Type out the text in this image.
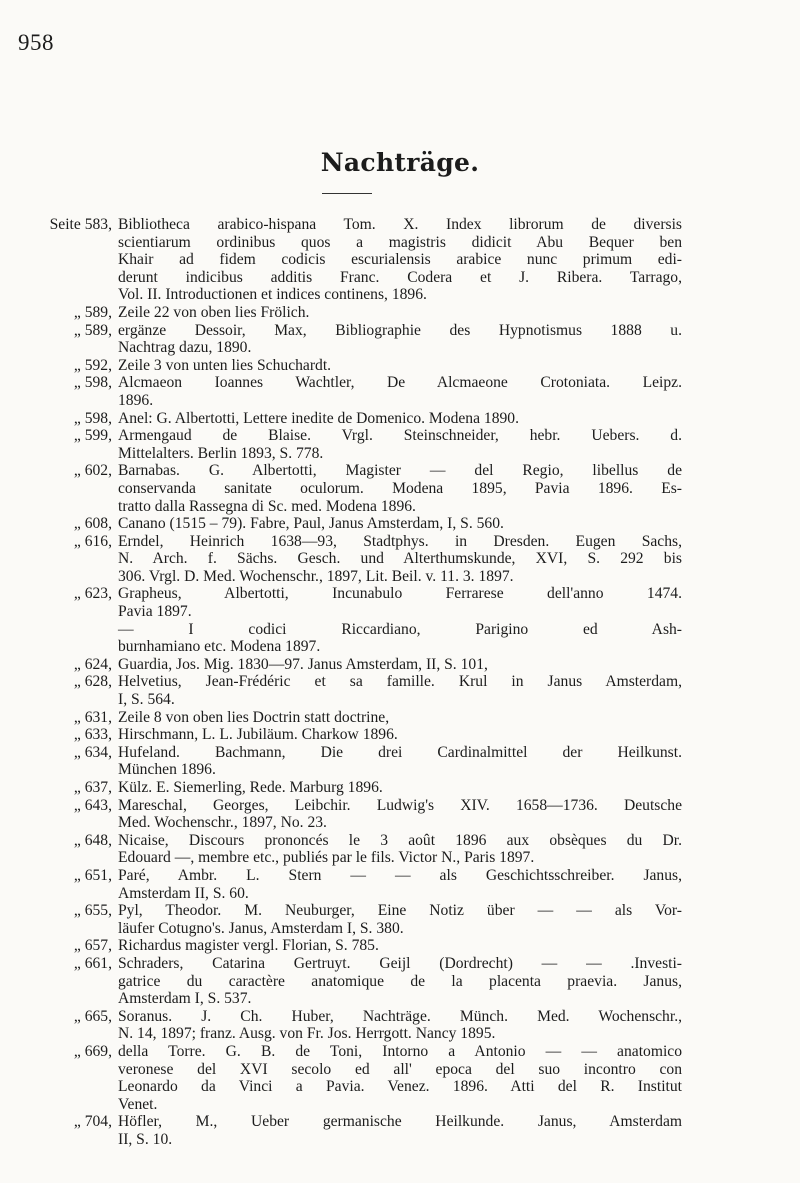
958
Nachträge.
Seite 583, Bibliotheca arabico-hispana Tom. X. Index librorum de diversis
scientiarum ordinibus quos a magistris didicit Abu Bequer ben
Khair ad fidem codicis escurialensis arabice nunc primum edi-
derunt indicibus additis Franc. Codera et J. Ribera. Tarrago,
Vol. II. Introductionen et indices continens, 1896.
„ 589, Zeile 22 von oben lies Frölich.
„ 589, ergänze Dessoir, Max, Bibliographie des Hypnotismus 1888 u.
Nachtrag dazu, 1890.
„ 592, Zeile 3 von unten lies Schuchardt.
„ 598, Alcmaeon Ioannes Wachtler, De Alcmaeone Crotoniata. Leipz.
1896.
„ 598, Anel: G. Albertotti, Lettere inedite de Domenico. Modena 1890.
„ 599, Armengaud de Blaise. Vrgl. Steinschneider, hebr. Uebers. d.
Mittelalters. Berlin 1893, S. 778.
„ 602, Barnabas. G. Albertotti, Magister — del Regio, libellus de
conservanda sanitate oculorum. Modena 1895, Pavia 1896. Es-
tratto dalla Rassegna di Sc. med. Modena 1896.
„ 608, Canano (1515 – 79). Fabre, Paul, Janus Amsterdam, I, S. 560.
„ 616, Erndel, Heinrich 1638—93, Stadtphys. in Dresden. Eugen Sachs,
N. Arch. f. Sächs. Gesch. und Alterthumskunde, XVI, S. 292 bis
306. Vrgl. D. Med. Wochenschr., 1897, Lit. Beil. v. 11. 3. 1897.
„ 623, Grapheus, Albertotti, Incunabulo Ferrarese dell'anno 1474.
Pavia 1897.
— I codici Riccardiano, Parigino ed Ash-
burnhamiano etc. Modena 1897.
„ 624, Guardia, Jos. Mig. 1830—97. Janus Amsterdam, II, S. 101,
„ 628, Helvetius, Jean-Frédéric et sa famille. Krul in Janus Amsterdam,
I, S. 564.
„ 631, Zeile 8 von oben lies Doctrin statt doctrine,
„ 633, Hirschmann, L. L. Jubiläum. Charkow 1896.
„ 634, Hufeland. Bachmann, Die drei Cardinalmittel der Heilkunst.
München 1896.
„ 637, Külz. E. Siemerling, Rede. Marburg 1896.
„ 643, Mareschal, Georges, Leibchir. Ludwig's XIV. 1658—1736. Deutsche
Med. Wochenschr., 1897, No. 23.
„ 648, Nicaise, Discours prononcés le 3 août 1896 aux obsèques du Dr.
Edouard —, membre etc., publiés par le fils. Victor N., Paris 1897.
„ 651, Paré, Ambr. L. Stern — — als Geschichtsschreiber. Janus,
Amsterdam II, S. 60.
„ 655, Pyl, Theodor. M. Neuburger, Eine Notiz über — — als Vor-
läufer Cotugno's. Janus, Amsterdam I, S. 380.
„ 657, Richardus magister vergl. Florian, S. 785.
„ 661, Schraders, Catarina Gertruyt. Geijl (Dordrecht) — — .Investi-
gatrice du caractère anatomique de la placenta praevia. Janus,
Amsterdam I, S. 537.
„ 665, Soranus. J. Ch. Huber, Nachträge. Münch. Med. Wochenschr.,
N. 14, 1897; franz. Ausg. von Fr. Jos. Herrgott. Nancy 1895.
„ 669, della Torre. G. B. de Toni, Intorno a Antonio — — anatomico
veronese del XVI secolo ed all' epoca del suo incontro con
Leonardo da Vinci a Pavia. Venez. 1896. Atti del R. Institut
Venet.
„ 704, Höfler, M., Ueber germanische Heilkunde. Janus, Amsterdam
II, S. 10.
